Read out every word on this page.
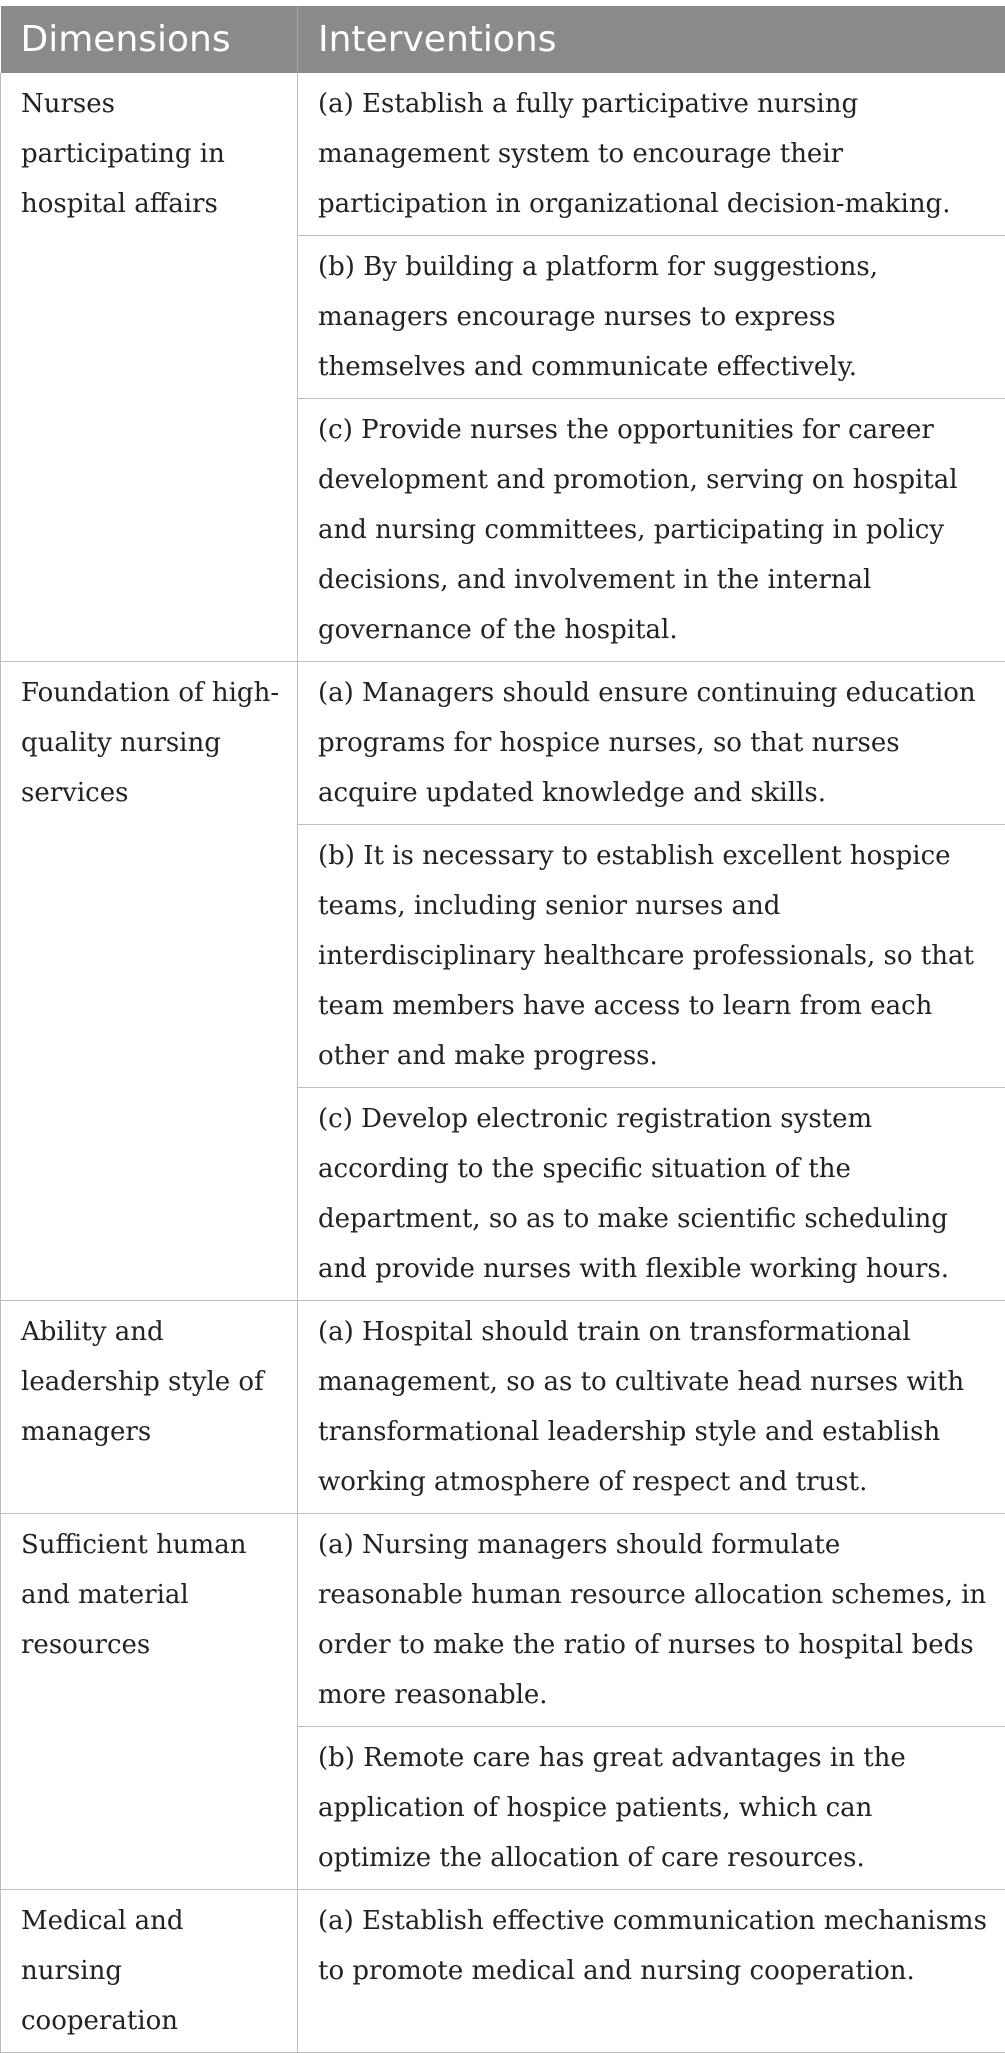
Dimensions	Interventions
Nurses participating in hospital affairs	(a) Establish a fully participative nursing management system to encourage their participation in organizational decision-making.
	(b) By building a platform for suggestions, managers encourage nurses to express themselves and communicate effectively.
	(c) Provide nurses the opportunities for career development and promotion, serving on hospital and nursing committees, participating in policy decisions, and involvement in the internal governance of the hospital.
Foundation of high-quality nursing services	(a) Managers should ensure continuing education programs for hospice nurses, so that nurses acquire updated knowledge and skills.
	(b) It is necessary to establish excellent hospice teams, including senior nurses and interdisciplinary healthcare professionals, so that team members have access to learn from each other and make progress.
	(c) Develop electronic registration system according to the specific situation of the department, so as to make scientific scheduling and provide nurses with flexible working hours.
Ability and leadership style of managers	(a) Hospital should train on transformational management, so as to cultivate head nurses with transformational leadership style and establish working atmosphere of respect and trust.
Sufficient human and material resources	(a) Nursing managers should formulate reasonable human resource allocation schemes, in order to make the ratio of nurses to hospital beds more reasonable.
	(b) Remote care has great advantages in the application of hospice patients, which can optimize the allocation of care resources.
Medical and nursing cooperation	(a) Establish effective communication mechanisms to promote medical and nursing cooperation.
